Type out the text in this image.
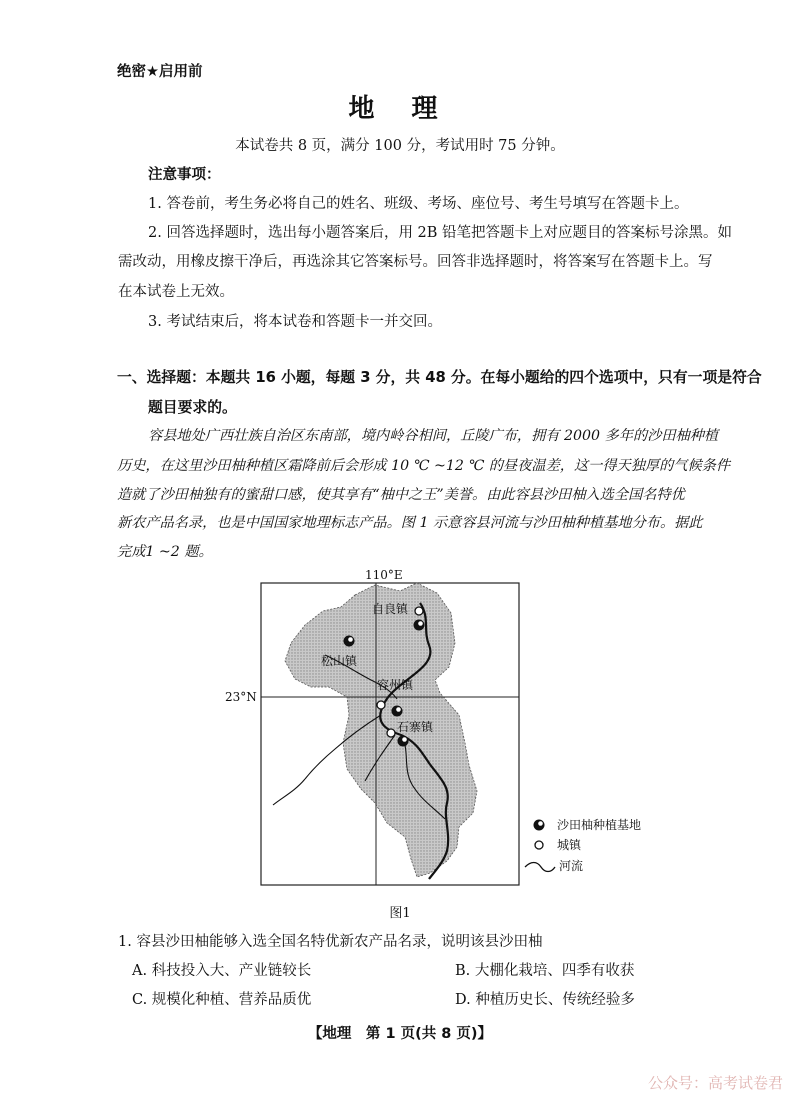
绝密★启用前
地 理
本试卷共 8 页，满分 100 分，考试用时 75 分钟。
注意事项：
1. 答卷前，考生务必将自己的姓名、班级、考场、座位号、考生号填写在答题卡上。
2. 回答选择题时，选出每小题答案后，用 2B 铅笔把答题卡上对应题目的答案标号涂黑。如
需改动，用橡皮擦干净后，再选涂其它答案标号。回答非选择题时，将答案写在答题卡上。写
在本试卷上无效。
3. 考试结束后，将本试卷和答题卡一并交回。
一、选择题：本题共 16 小题，每题 3 分，共 48 分。在每小题给的四个选项中，只有一项是符合
题目要求的。
容县地处广西壮族自治区东南部，境内岭谷相间，丘陵广布，拥有 2000 多年的沙田柚种植
历史，在这里沙田柚种植区霜降前后会形成 10 ℃ ~12 ℃ 的昼夜温差，这一得天独厚的气候条件
造就了沙田柚独有的蜜甜口感，使其享有“柚中之王”美誉。由此容县沙田柚入选全国名特优
新农产品名录，也是中国国家地理标志产品。图 1 示意容县河流与沙田柚种植基地分布。据此
完成1 ~2 题。
110°E
23°N
自良镇
松山镇
容州镇
石寨镇
沙田柚种植基地
城镇
河流
图1
1. 容县沙田柚能够入选全国名特优新农产品名录，说明该县沙田柚
A. 科技投入大、产业链较长	B. 大棚化栽培、四季有收获
C. 规模化种植、营养品质优	D. 种植历史长、传统经验多
【地理　第 1 页(共 8 页)】
公众号：高考试卷君
